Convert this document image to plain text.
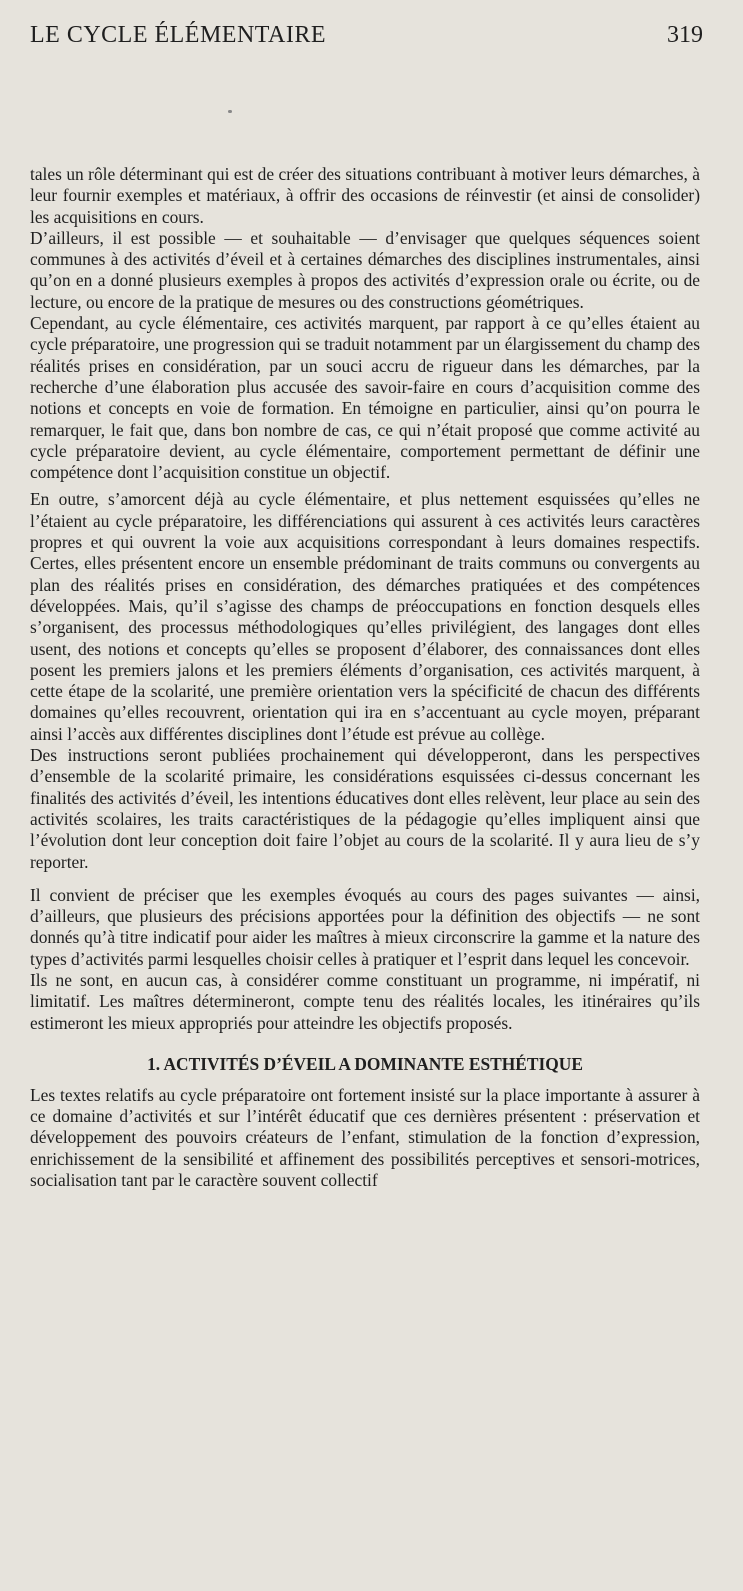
LE CYCLE ÉLÉMENTAIRE	319

tales un rôle déterminant qui est de créer des situations contribuant à motiver leurs démarches, à leur fournir exemples et matériaux, à offrir des occasions de réinvestir (et ainsi de consolider) les acquisitions en cours.

D’ailleurs, il est possible — et souhaitable — d’envisager que quelques séquences soient communes à des activités d’éveil et à certaines démarches des disciplines instrumentales, ainsi qu’on en a donné plusieurs exemples à propos des activités d’expression orale ou écrite, ou de lecture, ou encore de la pratique de mesures ou des constructions géométriques.

Cependant, au cycle élémentaire, ces activités marquent, par rapport à ce qu’elles étaient au cycle préparatoire, une progression qui se traduit notamment par un élargissement du champ des réalités prises en considération, par un souci accru de rigueur dans les démarches, par la recherche d’une élaboration plus accusée des savoir-faire en cours d’acquisition comme des notions et concepts en voie de formation. En témoigne en particulier, ainsi qu’on pourra le remarquer, le fait que, dans bon nombre de cas, ce qui n’était proposé que comme activité au cycle préparatoire devient, au cycle élémentaire, comportement permettant de définir une compétence dont l’acquisition constitue un objectif.

En outre, s’amorcent déjà au cycle élémentaire, et plus nettement esquissées qu’elles ne l’étaient au cycle préparatoire, les différenciations qui assurent à ces activités leurs caractères propres et qui ouvrent la voie aux acquisitions correspondant à leurs domaines respectifs. Certes, elles présentent encore un ensemble prédominant de traits communs ou convergents au plan des réalités prises en considération, des démarches pratiquées et des compétences développées. Mais, qu’il s’agisse des champs de préoccupations en fonction desquels elles s’organisent, des processus méthodologiques qu’elles privilégient, des langages dont elles usent, des notions et concepts qu’elles se proposent d’élaborer, des connaissances dont elles posent les premiers jalons et les premiers éléments d’organisation, ces activités marquent, à cette étape de la scolarité, une première orientation vers la spécificité de chacun des différents domaines qu’elles recouvrent, orientation qui ira en s’accentuant au cycle moyen, préparant ainsi l’accès aux différentes disciplines dont l’étude est prévue au collège.

Des instructions seront publiées prochainement qui développeront, dans les perspectives d’ensemble de la scolarité primaire, les considérations esquissées ci-dessus concernant les finalités des activités d’éveil, les intentions éducatives dont elles relèvent, leur place au sein des activités scolaires, les traits caractéristiques de la pédagogie qu’elles impliquent ainsi que l’évolution dont leur conception doit faire l’objet au cours de la scolarité. Il y aura lieu de s’y reporter.

Il convient de préciser que les exemples évoqués au cours des pages suivantes — ainsi, d’ailleurs, que plusieurs des précisions apportées pour la définition des objectifs — ne sont donnés qu’à titre indicatif pour aider les maîtres à mieux circonscrire la gamme et la nature des types d’activités parmi lesquelles choisir celles à pratiquer et l’esprit dans lequel les concevoir.

Ils ne sont, en aucun cas, à considérer comme constituant un programme, ni impératif, ni limitatif. Les maîtres détermineront, compte tenu des réalités locales, les itinéraires qu’ils estimeront les mieux appropriés pour atteindre les objectifs proposés.

1. ACTIVITÉS D’ÉVEIL A DOMINANTE ESTHÉTIQUE

Les textes relatifs au cycle préparatoire ont fortement insisté sur la place importante à assurer à ce domaine d’activités et sur l’intérêt éducatif que ces dernières présentent : préservation et développement des pouvoirs créateurs de l’enfant, stimulation de la fonction d’expression, enrichissement de la sensibilité et affinement des possibilités perceptives et sensori-motrices, socialisation tant par le caractère souvent collectif
